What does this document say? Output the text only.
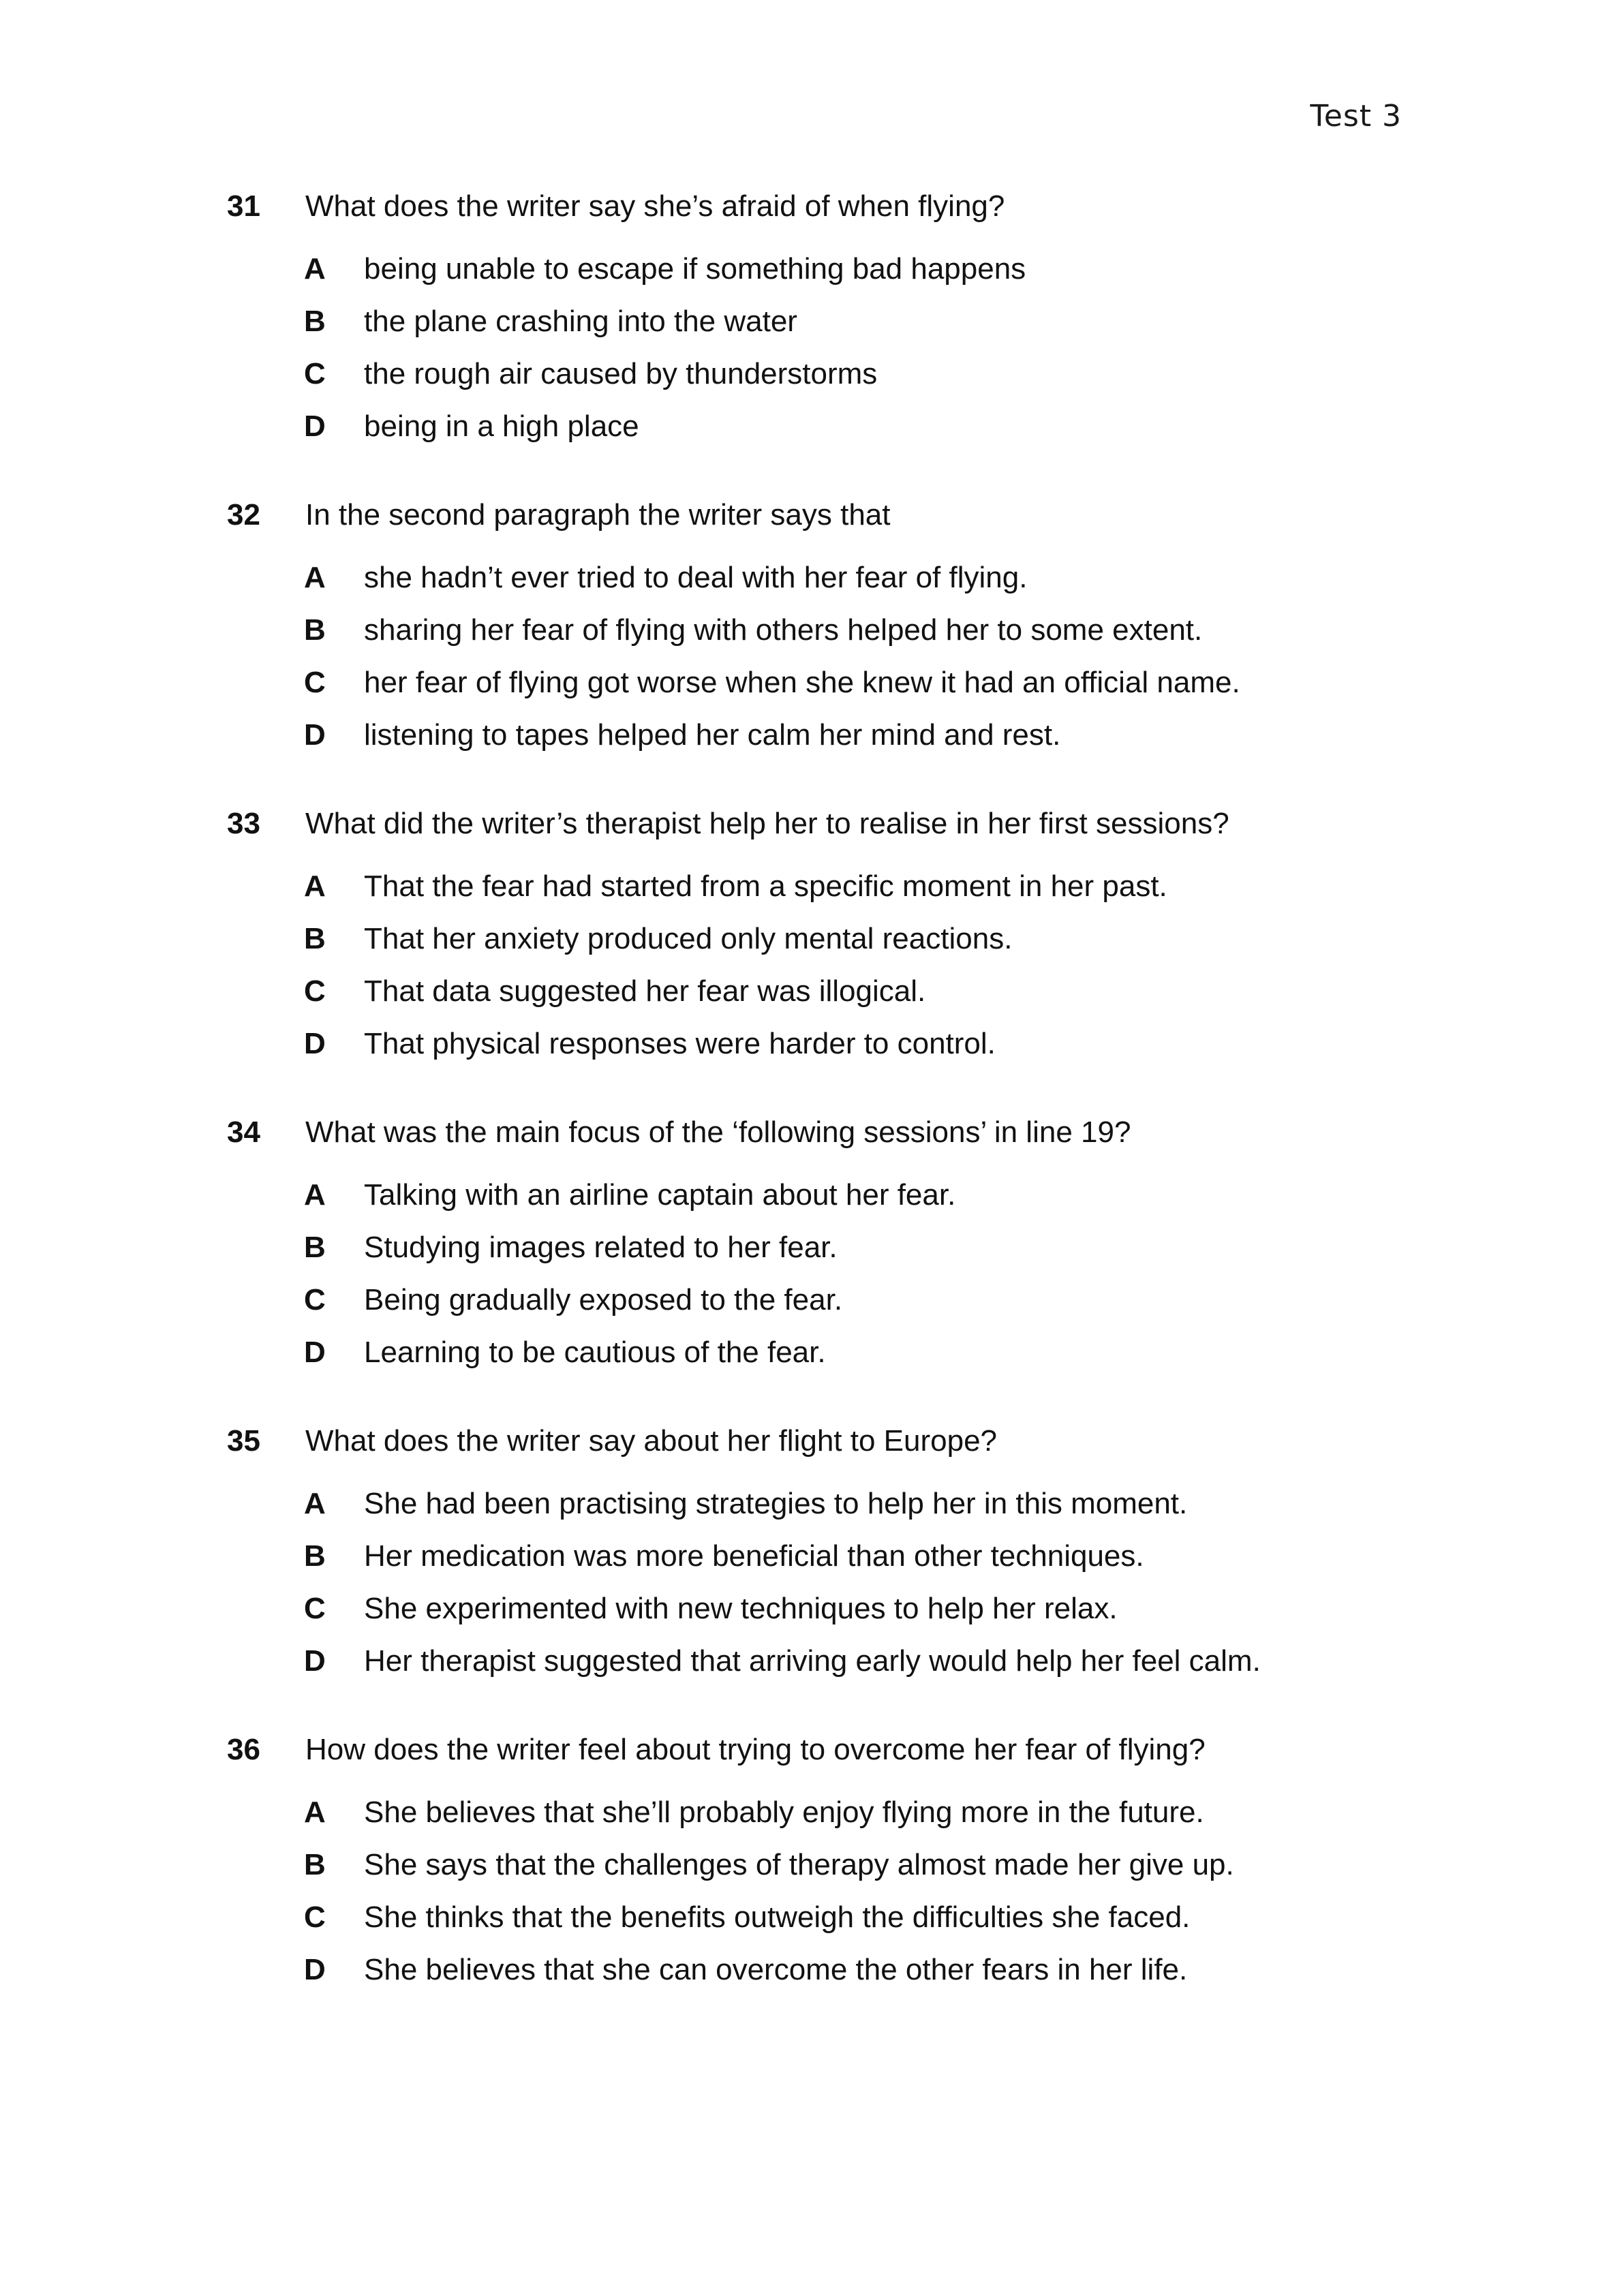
Test 3
31 What does the writer say she’s afraid of when flying?
A being unable to escape if something bad happens
B the plane crashing into the water
C the rough air caused by thunderstorms
D being in a high place
32 In the second paragraph the writer says that
A she hadn’t ever tried to deal with her fear of flying.
B sharing her fear of flying with others helped her to some extent.
C her fear of flying got worse when she knew it had an official name.
D listening to tapes helped her calm her mind and rest.
33 What did the writer’s therapist help her to realise in her first sessions?
A That the fear had started from a specific moment in her past.
B That her anxiety produced only mental reactions.
C That data suggested her fear was illogical.
D That physical responses were harder to control.
34 What was the main focus of the ‘following sessions’ in line 19?
A Talking with an airline captain about her fear.
B Studying images related to her fear.
C Being gradually exposed to the fear.
D Learning to be cautious of the fear.
35 What does the writer say about her flight to Europe?
A She had been practising strategies to help her in this moment.
B Her medication was more beneficial than other techniques.
C She experimented with new techniques to help her relax.
D Her therapist suggested that arriving early would help her feel calm.
36 How does the writer feel about trying to overcome her fear of flying?
A She believes that she’ll probably enjoy flying more in the future.
B She says that the challenges of therapy almost made her give up.
C She thinks that the benefits outweigh the difficulties she faced.
D She believes that she can overcome the other fears in her life.
